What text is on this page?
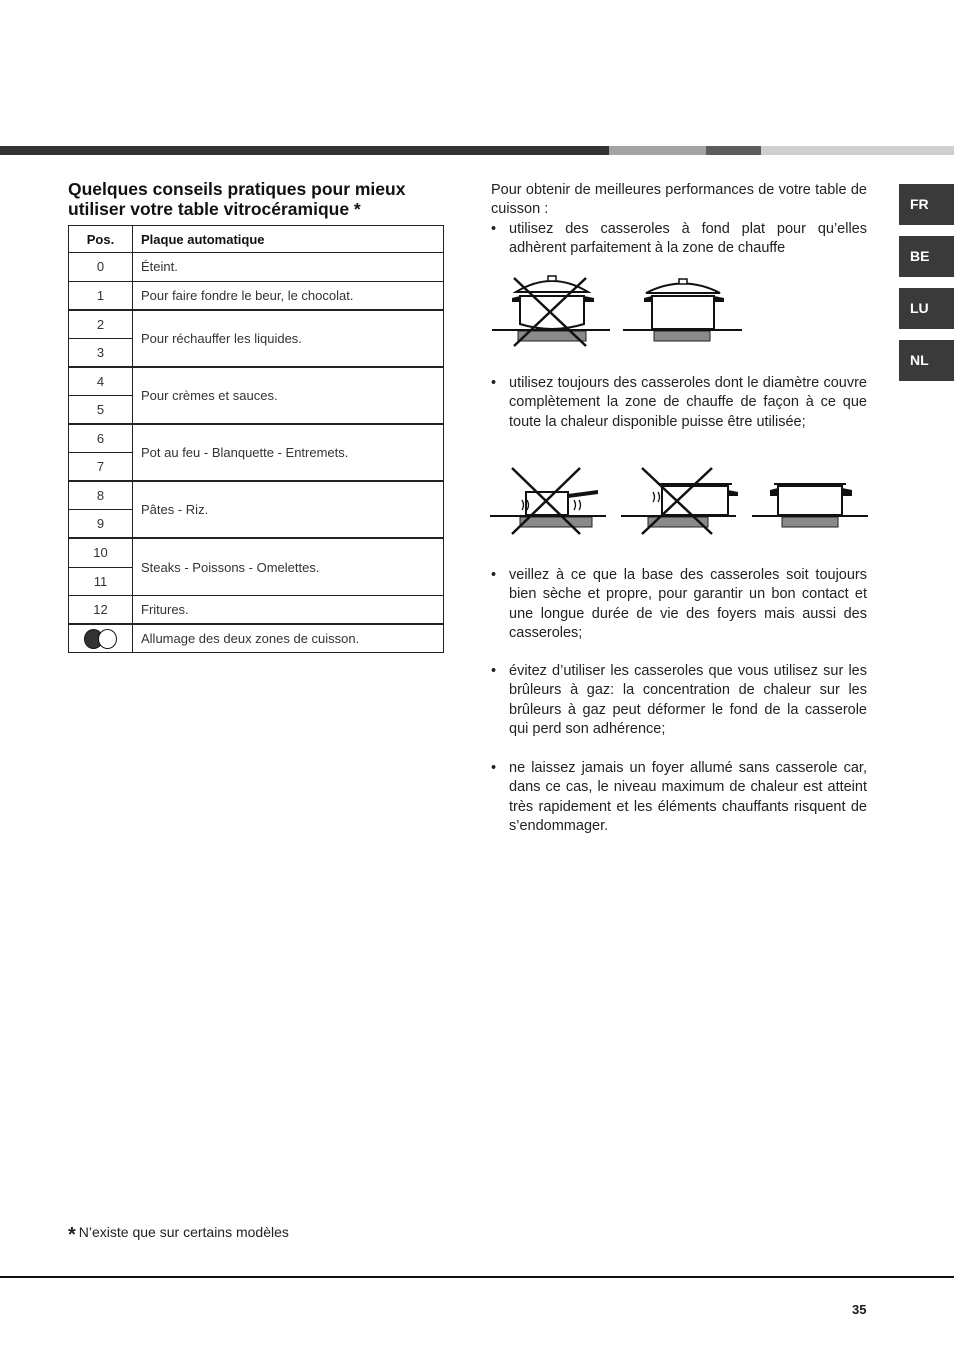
FR
BE
LU
NL
Quelques conseils pratiques pour mieux utiliser votre table vitrocéramique *
Pos.	Plaque automatique
0	Éteint.
1	Pour faire fondre le beur, le chocolat.
2	Pour réchauffer les liquides.
3	
4	Pour crèmes et sauces.
5	
6	Pot au feu - Blanquette - Entremets.
7	
8	Pâtes - Riz.
9	
10	Steaks - Poissons - Omelettes.
11	
12	Fritures.

	Allumage des deux zones de cuisson.
Pour obtenir de meilleures performances de votre table de cuisson :
• utilisez des casseroles à fond plat pour qu’elles adhèrent parfaitement à la zone de chauffe
• utilisez toujours des casseroles dont le diamètre couvre complètement la zone de chauffe de façon à ce que toute la chaleur disponible puisse être utilisée;
• veillez à ce que la base des casseroles soit toujours bien sèche et propre, pour garantir un bon contact et une longue durée de vie des foyers mais aussi des casseroles;
• évitez d’utiliser les casseroles que vous utilisez sur les brûleurs à gaz: la concentration de chaleur sur les brûleurs à gaz peut déformer le fond de la casserole qui perd son adhérence;
• ne laissez jamais un foyer allumé sans casserole car, dans ce cas, le niveau maximum de chaleur est atteint très rapidement et les éléments chauffants risquent de s’endommager.
* N’existe que sur certains modèles
35
